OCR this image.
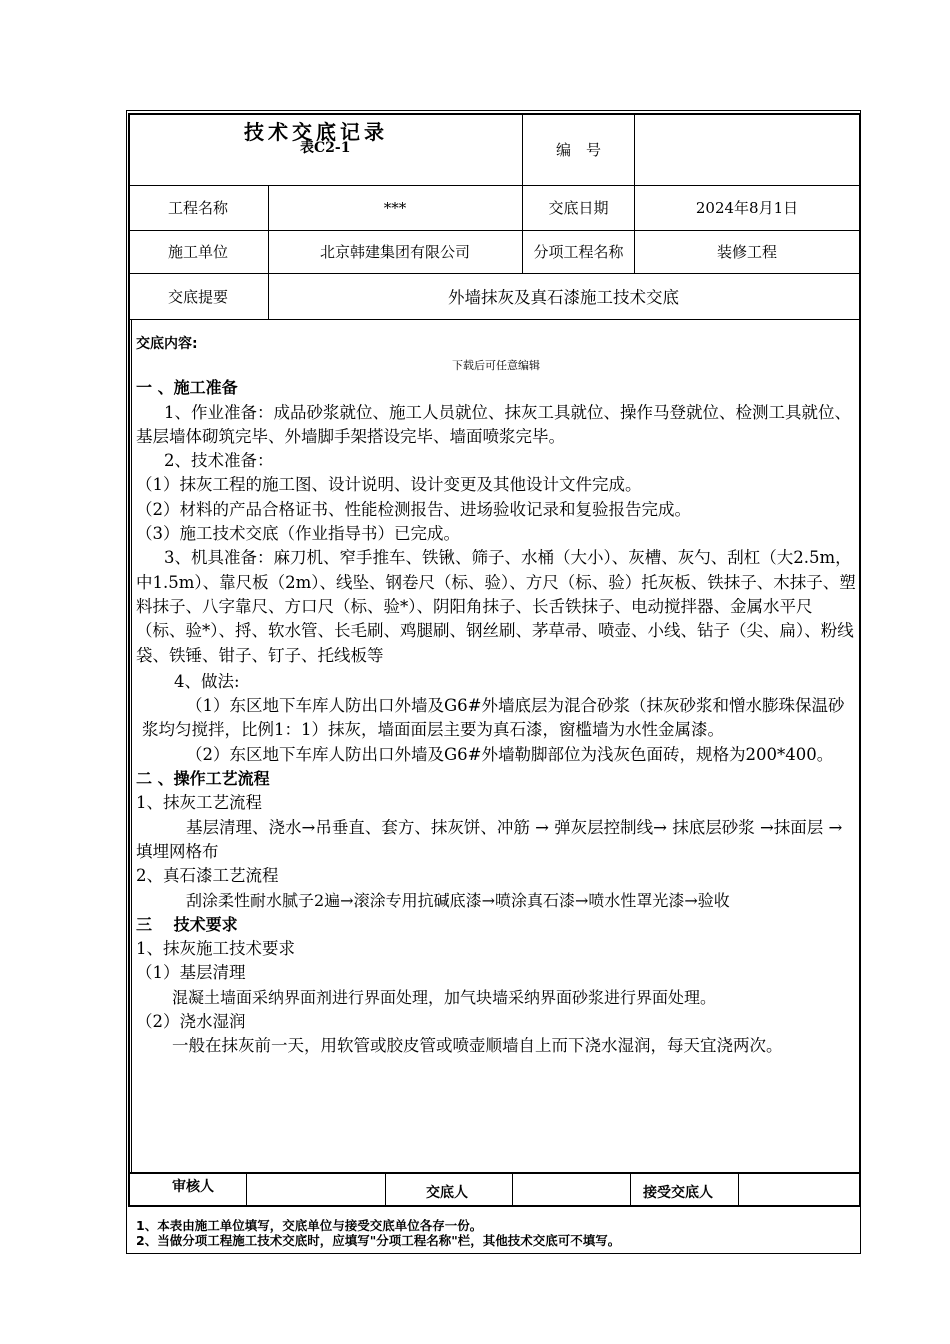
技术交底记录
表C2-1	编　号
工程名称	***	交底日期	2024年8月1日
施工单位	北京韩建集团有限公司	分项工程名称	装修工程
交底提要	外墙抹灰及真石漆施工技术交底

交底内容:

下载后可任意编辑

一 、施工准备

1、作业准备：成品砂浆就位、施工人员就位、抹灰工具就位、操作马登就位、检测工具就位、基层墙体砌筑完毕、外墙脚手架搭设完毕、墙面喷浆完毕。

2、技术准备：

（1）抹灰工程的施工图、设计说明、设计变更及其他设计文件完成。

（2）材料的产品合格证书、性能检测报告、进场验收记录和复验报告完成。

（3）施工技术交底（作业指导书）已完成。

3、机具准备：麻刀机、窄手推车、铁锹、筛子、水桶（大小）、灰槽、灰勺、刮杠（大2.5m，中1.5m）、靠尺板（2m）、线坠、钢卷尺（标、验）、方尺（标、验）托灰板、铁抹子、木抹子、塑料抹子、八字靠尺、方口尺（标、验*）、阴阳角抹子、长舌铁抹子、电动搅拌器、金属水平尺（标、验*）、捋、软水管、长毛刷、鸡腿刷、钢丝刷、茅草帚、喷壶、小线、钻子（尖、扁）、粉线袋、铁锤、钳子、钉子、托线板等

4、做法:

（1）东区地下车库人防出口外墙及G6#外墙底层为混合砂浆（抹灰砂浆和憎水膨珠保温砂浆均匀搅拌，比例1：1）抹灰，墙面面层主要为真石漆，窗槛墙为水性金属漆。

（2）东区地下车库人防出口外墙及G6#外墙勒脚部位为浅灰色面砖，规格为200*400。

二 、操作工艺流程

1、抹灰工艺流程

基层清理、浇水→吊垂直、套方、抹灰饼、冲筋 → 弹灰层控制线→ 抹底层砂浆 →抹面层 →填埋网格布

2、真石漆工艺流程

刮涂柔性耐水腻子2遍→滚涂专用抗碱底漆→喷涂真石漆→喷水性罩光漆→验收

三 　技术要求

1、抹灰施工技术要求

（1）基层清理

混凝土墙面采纳界面剂进行界面处理，加气块墙采纳界面砂浆进行界面处理。

（2）浇水湿润

一般在抹灰前一天，用软管或胶皮管或喷壶顺墙自上而下浇水湿润，每天宜浇两次。

审核人	交底人	接受交底人
1、本表由施工单位填写，交底单位与接受交底单位各存一份。
2、当做分项工程施工技术交底时，应填写"分项工程名称"栏，其他技术交底可不填写。
